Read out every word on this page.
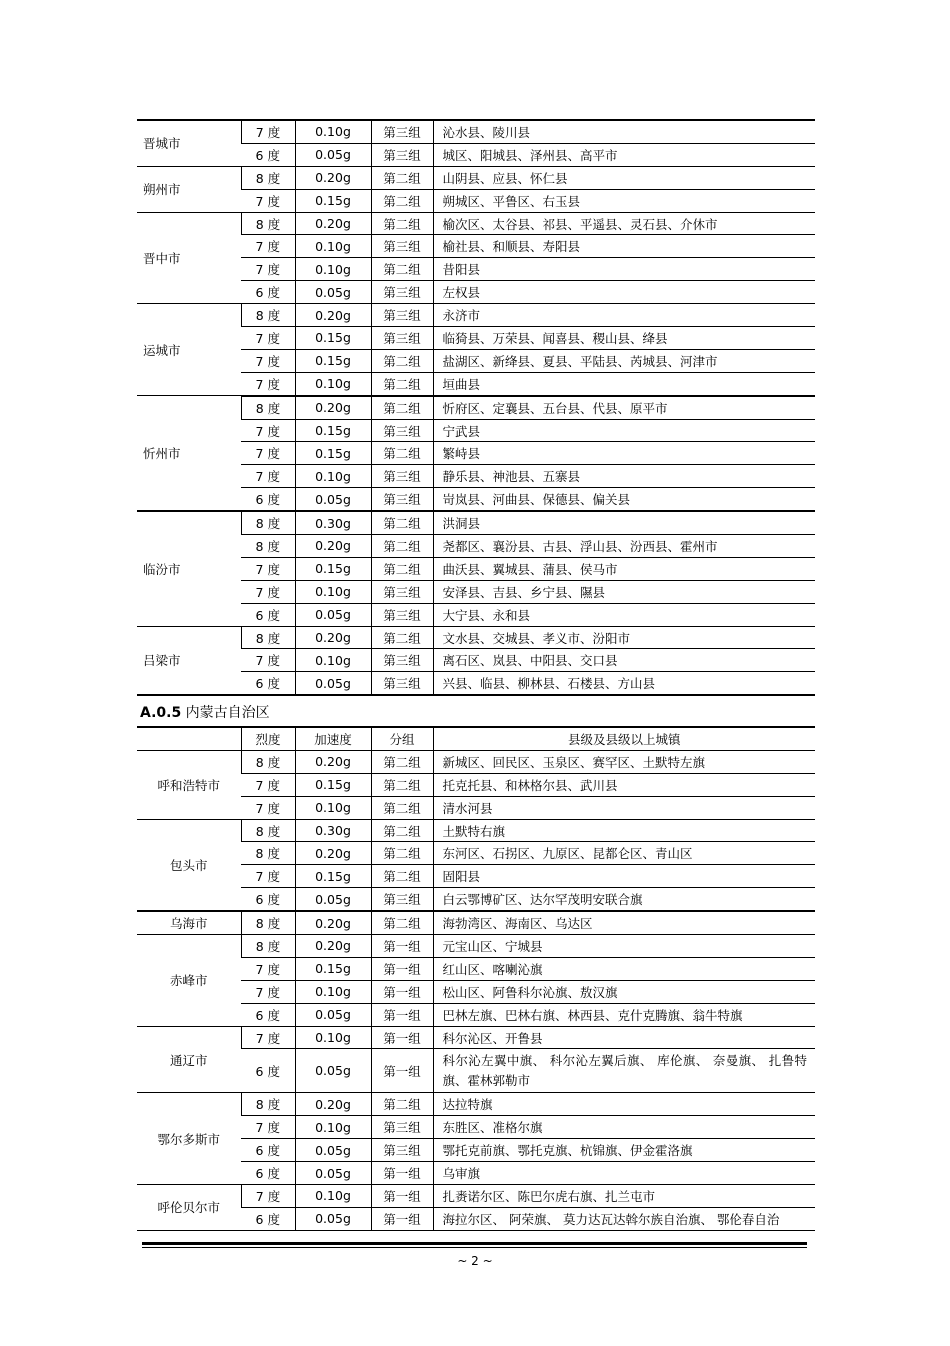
晋城市	7 度	0.10g	第三组	沁水县、陵川县
	6 度	0.05g	第三组	城区、阳城县、泽州县、高平市
朔州市	8 度	0.20g	第二组	山阴县、应县、怀仁县
	7 度	0.15g	第二组	朔城区、平鲁区、右玉县
晋中市	8 度	0.20g	第二组	榆次区、太谷县、祁县、平遥县、灵石县、介休市
	7 度	0.10g	第三组	榆社县、和顺县、寿阳县
	7 度	0.10g	第二组	昔阳县
	6 度	0.05g	第三组	左权县
运城市	8 度	0.20g	第三组	永济市
	7 度	0.15g	第三组	临猗县、万荣县、闻喜县、稷山县、绛县
	7 度	0.15g	第二组	盐湖区、新绛县、夏县、平陆县、芮城县、河津市
	7 度	0.10g	第二组	垣曲县
忻州市	8 度	0.20g	第二组	忻府区、定襄县、五台县、代县、原平市
	7 度	0.15g	第三组	宁武县
	7 度	0.15g	第二组	繁峙县
	7 度	0.10g	第三组	静乐县、神池县、五寨县
	6 度	0.05g	第三组	岢岚县、河曲县、保德县、偏关县
临汾市	8 度	0.30g	第二组	洪洞县
	8 度	0.20g	第二组	尧都区、襄汾县、古县、浮山县、汾西县、霍州市
	7 度	0.15g	第二组	曲沃县、翼城县、蒲县、侯马市
	7 度	0.10g	第三组	安泽县、吉县、乡宁县、隰县
	6 度	0.05g	第三组	大宁县、永和县
吕梁市	8 度	0.20g	第二组	文水县、交城县、孝义市、汾阳市
	7 度	0.10g	第三组	离石区、岚县、中阳县、交口县
	6 度	0.05g	第三组	兴县、临县、柳林县、石楼县、方山县
A.0.5 内蒙古自治区
	烈度	加速度	分组	县级及县级以上城镇
呼和浩特市	8 度	0.20g	第二组	新城区、回民区、玉泉区、赛罕区、土默特左旗
	7 度	0.15g	第二组	托克托县、和林格尔县、武川县
	7 度	0.10g	第二组	清水河县
包头市	8 度	0.30g	第二组	土默特右旗
	8 度	0.20g	第二组	东河区、石拐区、九原区、昆都仑区、青山区
	7 度	0.15g	第二组	固阳县
	6 度	0.05g	第三组	白云鄂博矿区、达尔罕茂明安联合旗
乌海市	8 度	0.20g	第二组	海勃湾区、海南区、乌达区
赤峰市	8 度	0.20g	第一组	元宝山区、宁城县
	7 度	0.15g	第一组	红山区、喀喇沁旗
	7 度	0.10g	第一组	松山区、阿鲁科尔沁旗、敖汉旗
	6 度	0.05g	第一组	巴林左旗、巴林右旗、林西县、克什克腾旗、翁牛特旗
通辽市	7 度	0.10g	第一组	科尔沁区、开鲁县
	6 度	0.05g	第一组	科尔沁左翼中旗、 科尔沁左翼后旗、 库伦旗、 奈曼旗、 扎鲁特旗、霍林郭勒市
鄂尔多斯市	8 度	0.20g	第二组	达拉特旗
	7 度	0.10g	第三组	东胜区、准格尔旗
	6 度	0.05g	第三组	鄂托克前旗、鄂托克旗、杭锦旗、伊金霍洛旗
	6 度	0.05g	第一组	乌审旗
呼伦贝尔市	7 度	0.10g	第一组	扎赉诺尔区、陈巴尔虎右旗、扎兰屯市
	6 度	0.05g	第一组	海拉尔区、 阿荣旗、 莫力达瓦达斡尔族自治旗、 鄂伦春自治
~ 2 ~
